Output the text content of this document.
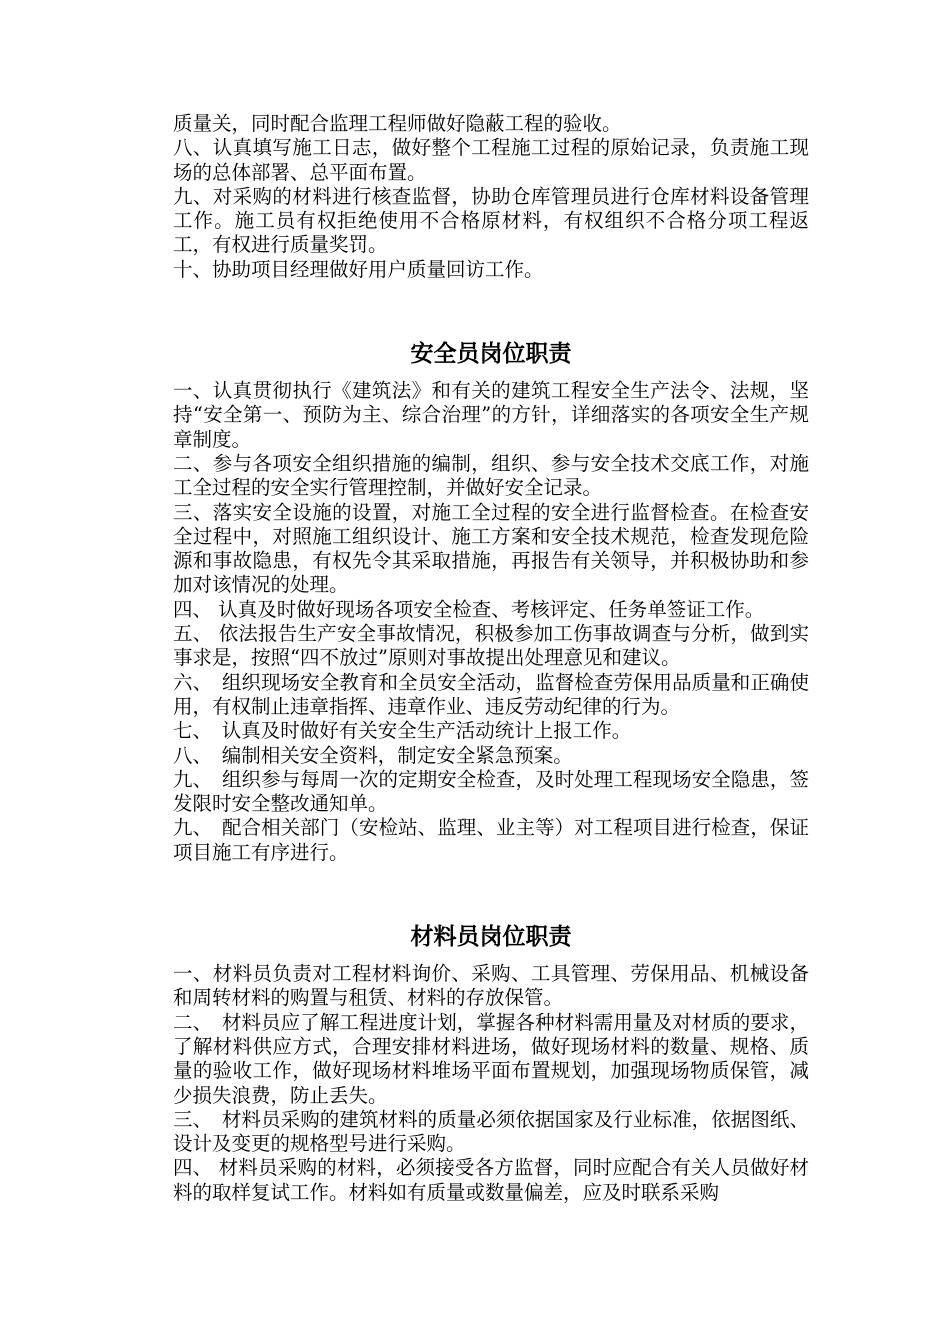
质量关，同时配合监理工程师做好隐蔽工程的验收。

八、认真填写施工日志，做好整个工程施工过程的原始记录，负责施工现场的总体部署、总平面布置。

九、对采购的材料进行核查监督，协助仓库管理员进行仓库材料设备管理工作。施工员有权拒绝使用不合格原材料，有权组织不合格分项工程返工，有权进行质量奖罚。

十、协助项目经理做好用户质量回访工作。

安全员岗位职责

一、认真贯彻执行《建筑法》和有关的建筑工程安全生产法令、法规，坚持“安全第一、预防为主、综合治理”的方针，详细落实的各项安全生产规章制度。

二、参与各项安全组织措施的编制，组织、参与安全技术交底工作，对施工全过程的安全实行管理控制，并做好安全记录。

三、落实安全设施的设置，对施工全过程的安全进行监督检查。在检查安全过程中，对照施工组织设计、施工方案和安全技术规范，检查发现危险源和事故隐患，有权先令其采取措施，再报告有关领导，并积极协助和参加对该情况的处理。

四、 认真及时做好现场各项安全检查、考核评定、任务单签证工作。

五、 依法报告生产安全事故情况，积极参加工伤事故调查与分析，做到实事求是，按照“四不放过”原则对事故提出处理意见和建议。

六、　组织现场安全教育和全员安全活动，监督检查劳保用品质量和正确使用，有权制止违章指挥、违章作业、违反劳动纪律的行为。

七、　认真及时做好有关安全生产活动统计上报工作。

八、　编制相关安全资料，制定安全紧急预案。

九、　组织参与每周一次的定期安全检查，及时处理工程现场安全隐患，签发限时安全整改通知单。

九、　配合相关部门（安检站、监理、业主等）对工程项目进行检查，保证项目施工有序进行。

材料员岗位职责

一、材料员负责对工程材料询价、采购、工具管理、劳保用品、机械设备和周转材料的购置与租赁、材料的存放保管。

二、　材料员应了解工程进度计划，掌握各种材料需用量及对材质的要求，了解材料供应方式，合理安排材料进场，做好现场材料的数量、规格、质量的验收工作，做好现场材料堆场平面布置规划，加强现场物质保管，减少损失浪费，防止丢失。

三、　材料员采购的建筑材料的质量必须依据国家及行业标准，依据图纸、设计及变更的规格型号进行采购。

四、 材料员采购的材料，必须接受各方监督，同时应配合有关人员做好材料的取样复试工作。材料如有质量或数量偏差，应及时联系采购
